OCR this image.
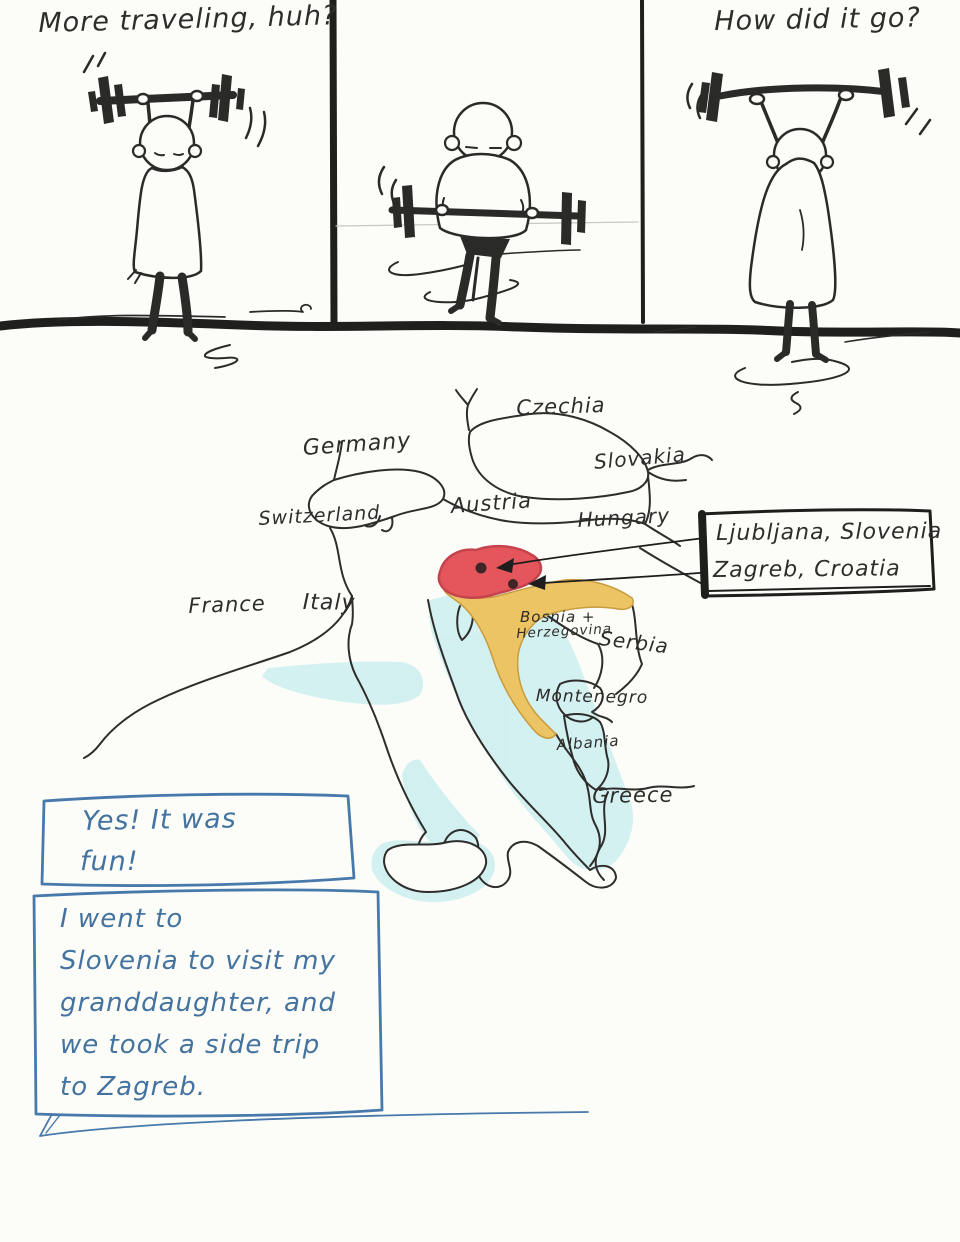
More traveling, huh?	How did it go?
Czechia
Germany	Slovakia
Switzerland	Austria Hungary
France Italy
Bosnia +
Herzegovina
Serbia
Montenegro
Albania
Greece
Ljubljana, Slovenia
Zagreb, Croatia
Yes! It was
fun!
I went to
Slovenia to visit my
granddaughter, and
we took a side trip
to Zagreb.
